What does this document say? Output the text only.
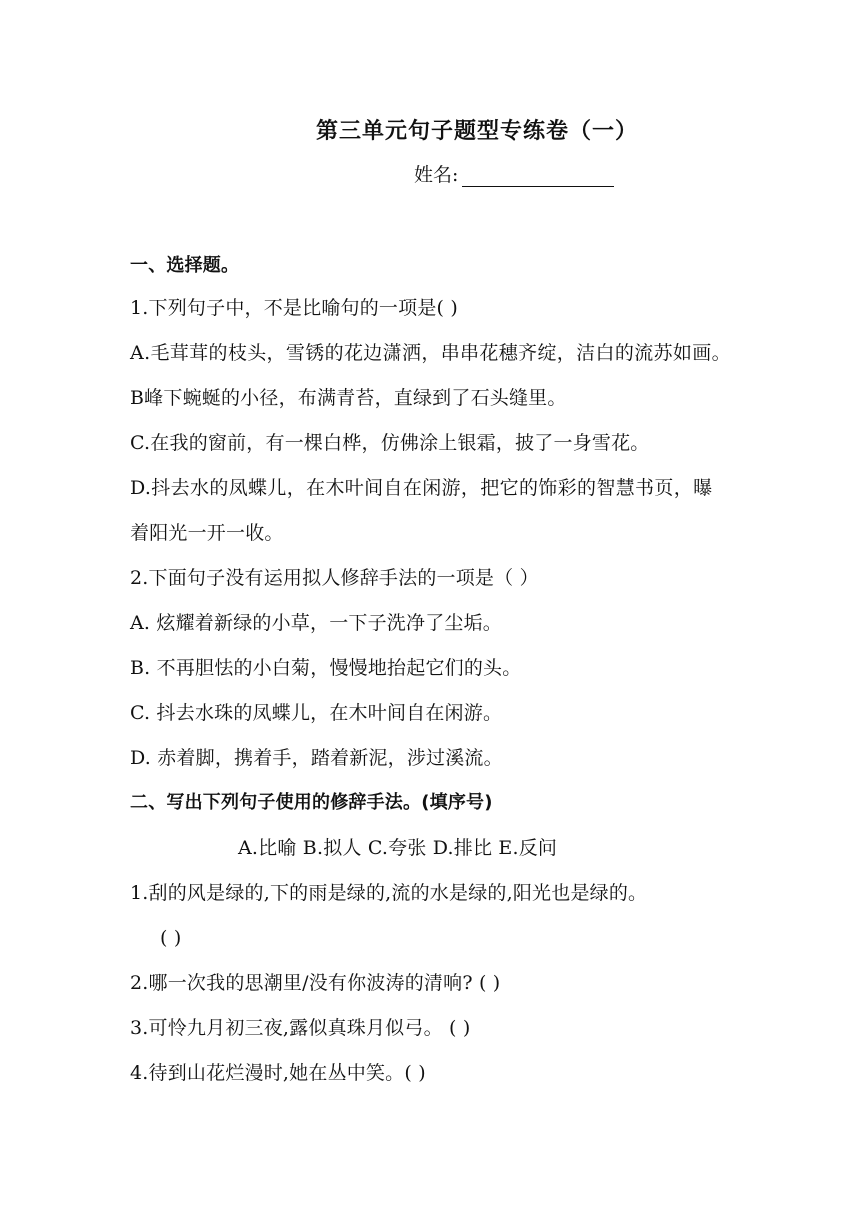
第三单元句子题型专练卷（一）
姓名:
一、选择题。
1.下列句子中，不是比喻句的一项是( )
A.毛茸茸的枝头，雪锈的花边潇洒，串串花穗齐绽，洁白的流苏如画。
B峰下蜿蜒的小径，布满青苔，直绿到了石头缝里。
C.在我的窗前，有一棵白桦，仿佛涂上银霜，披了一身雪花。
D.抖去水的凤蝶儿，在木叶间自在闲游，把它的饰彩的智慧书页，曝
着阳光一开一收。
2.下面句子没有运用拟人修辞手法的一项是（ ）
A. 炫耀着新绿的小草，一下子洗净了尘垢。
B. 不再胆怯的小白菊，慢慢地抬起它们的头。
C. 抖去水珠的凤蝶儿，在木叶间自在闲游。
D. 赤着脚，携着手，踏着新泥，涉过溪流。
二、写出下列句子使用的修辞手法。(填序号)
A.比喻 B.拟人 C.夸张 D.排比 E.反问
1.刮的风是绿的,下的雨是绿的,流的水是绿的,阳光也是绿的。
( )
2.哪一次我的思潮里/没有你波涛的清响? ( )
3.可怜九月初三夜,露似真珠月似弓。 ( )
4.待到山花烂漫时,她在丛中笑。( )
